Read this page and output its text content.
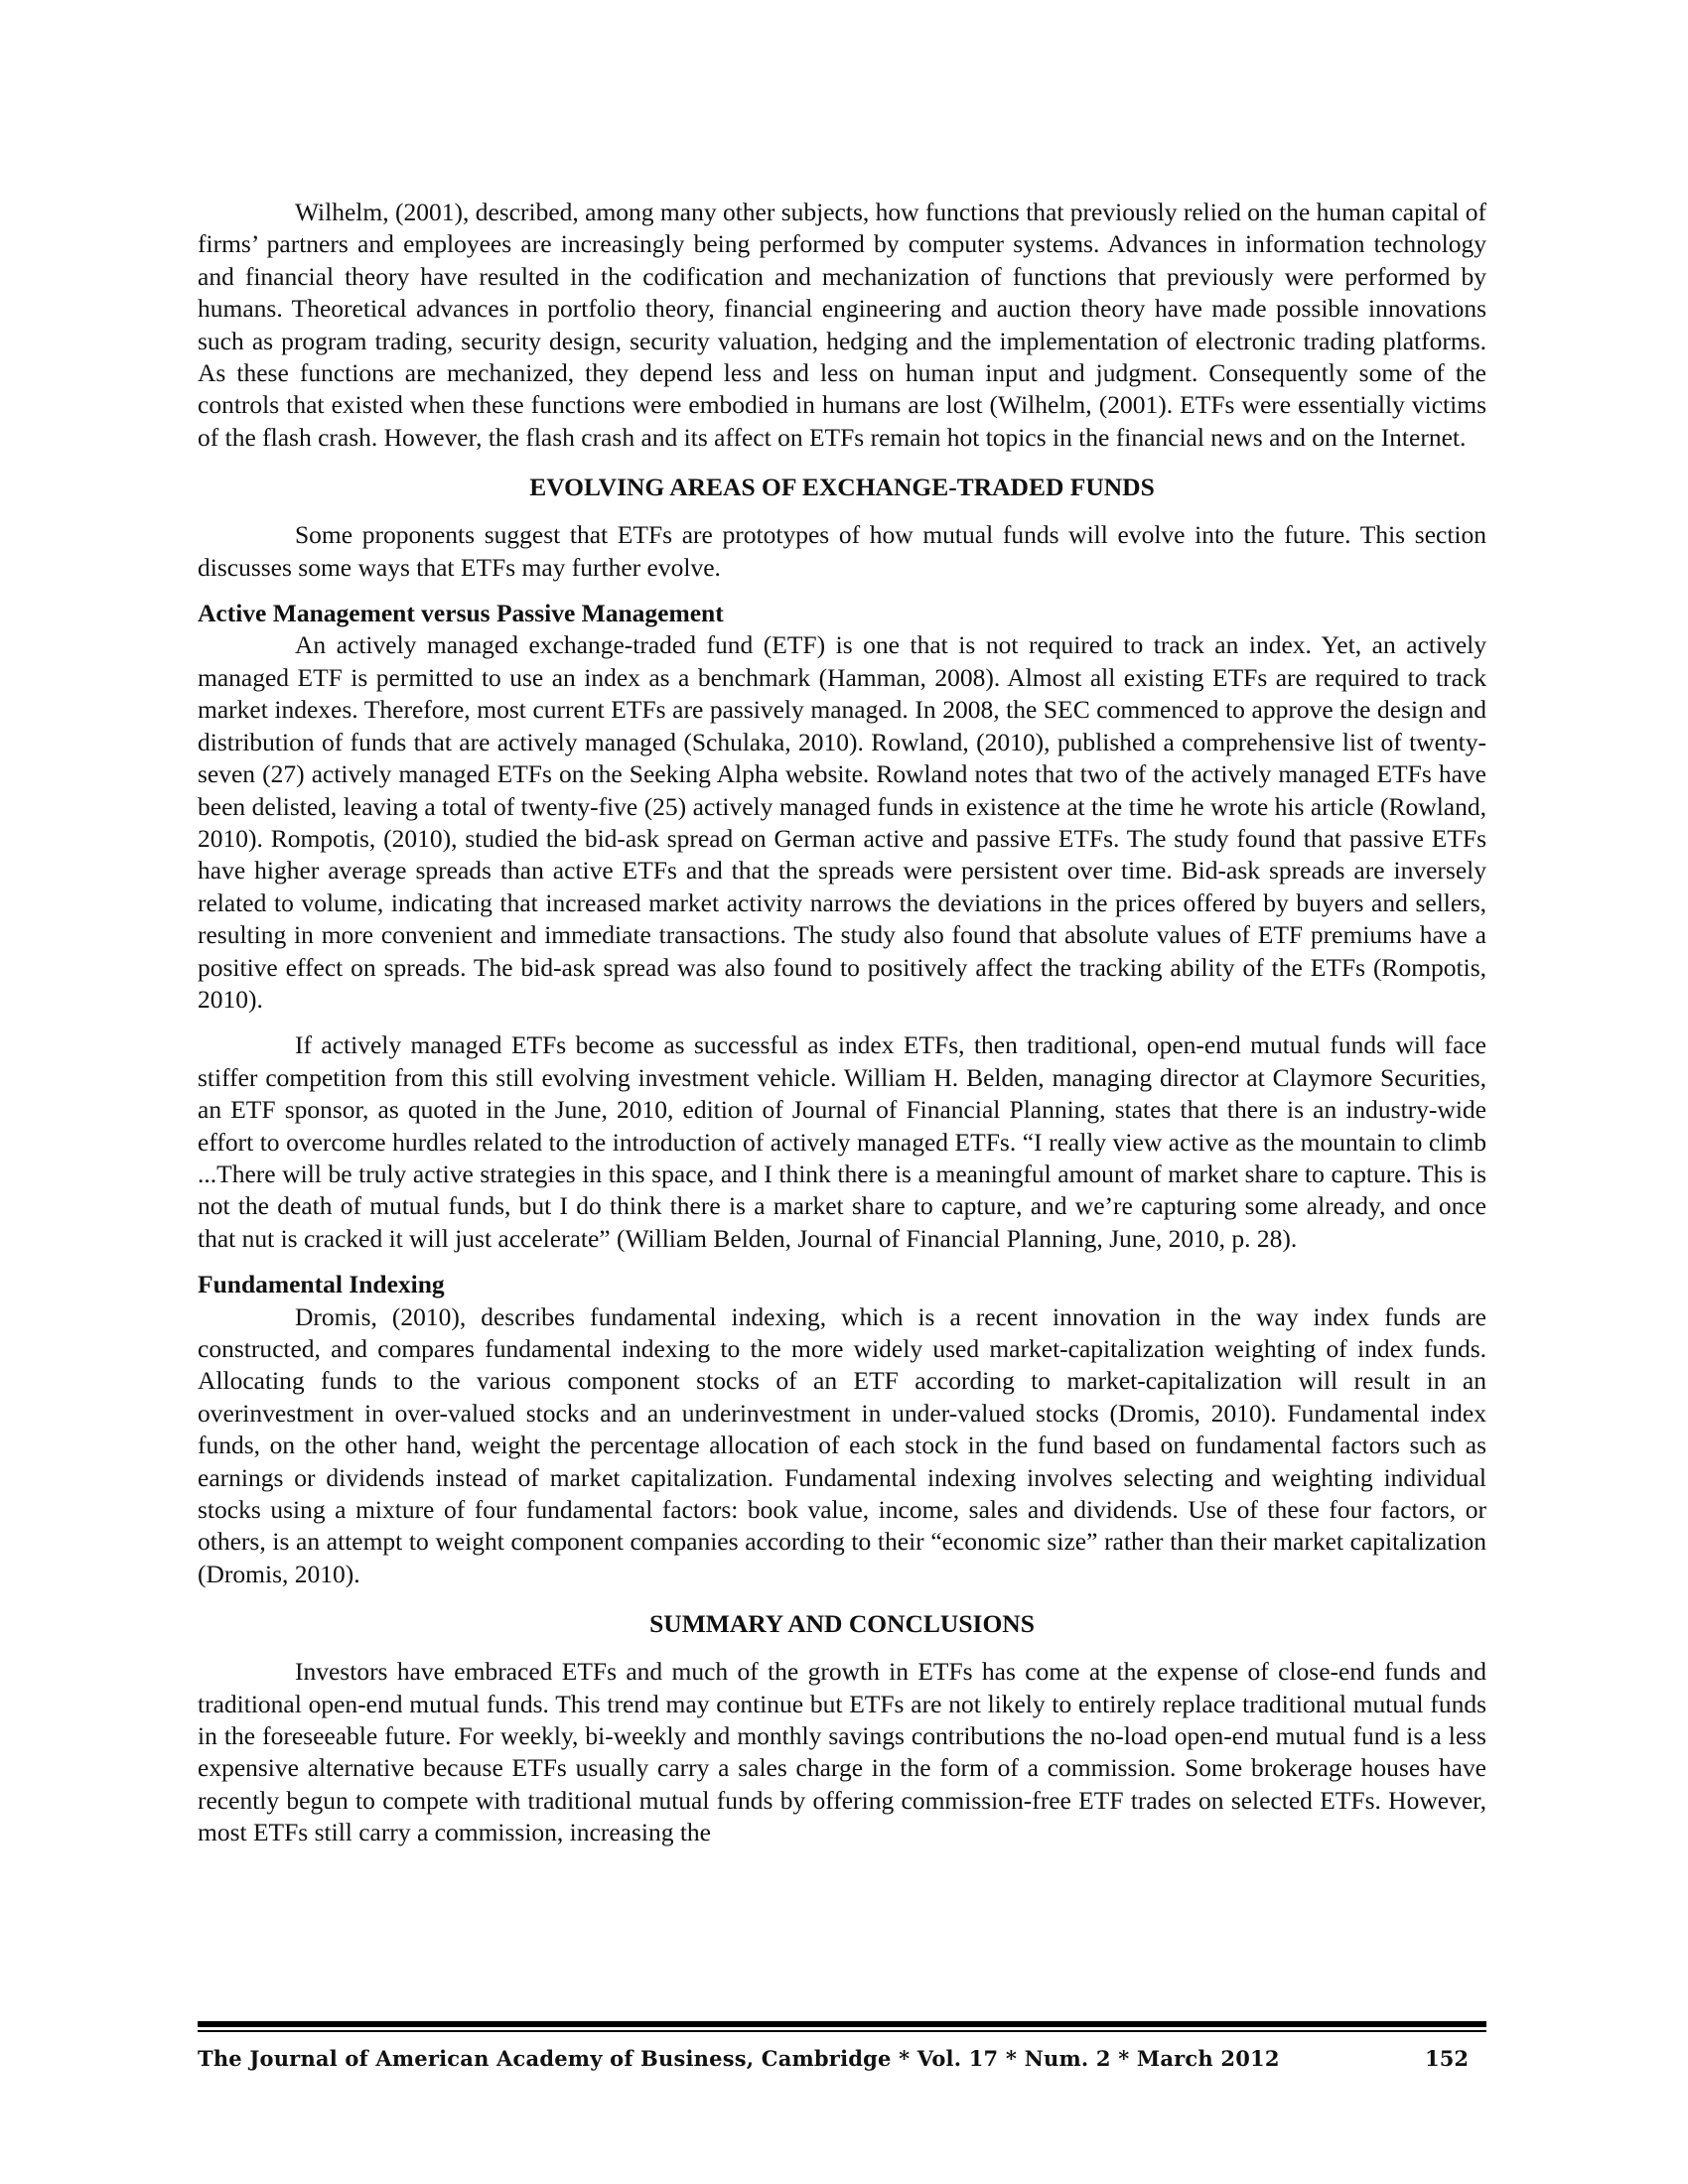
Wilhelm, (2001), described, among many other subjects, how functions that previously relied on the human capital of firms’ partners and employees are increasingly being performed by computer systems. Advances in information technology and financial theory have resulted in the codification and mechanization of functions that previously were performed by humans. Theoretical advances in portfolio theory, financial engineering and auction theory have made possible innovations such as program trading, security design, security valuation, hedging and the implementation of electronic trading platforms. As these functions are mechanized, they depend less and less on human input and judgment. Consequently some of the controls that existed when these functions were embodied in humans are lost (Wilhelm, (2001). ETFs were essentially victims of the flash crash. However, the flash crash and its affect on ETFs remain hot topics in the financial news and on the Internet.

EVOLVING AREAS OF EXCHANGE-TRADED FUNDS

Some proponents suggest that ETFs are prototypes of how mutual funds will evolve into the future. This section discusses some ways that ETFs may further evolve.

Active Management versus Passive Management

An actively managed exchange-traded fund (ETF) is one that is not required to track an index. Yet, an actively managed ETF is permitted to use an index as a benchmark (Hamman, 2008). Almost all existing ETFs are required to track market indexes. Therefore, most current ETFs are passively managed. In 2008, the SEC commenced to approve the design and distribution of funds that are actively managed (Schulaka, 2010). Rowland, (2010), published a comprehensive list of twenty-seven (27) actively managed ETFs on the Seeking Alpha website. Rowland notes that two of the actively managed ETFs have been delisted, leaving a total of twenty-five (25) actively managed funds in existence at the time he wrote his article (Rowland, 2010). Rompotis, (2010), studied the bid-ask spread on German active and passive ETFs. The study found that passive ETFs have higher average spreads than active ETFs and that the spreads were persistent over time. Bid-ask spreads are inversely related to volume, indicating that increased market activity narrows the deviations in the prices offered by buyers and sellers, resulting in more convenient and immediate transactions. The study also found that absolute values of ETF premiums have a positive effect on spreads. The bid-ask spread was also found to positively affect the tracking ability of the ETFs (Rompotis, 2010).

If actively managed ETFs become as successful as index ETFs, then traditional, open-end mutual funds will face stiffer competition from this still evolving investment vehicle. William H. Belden, managing director at Claymore Securities, an ETF sponsor, as quoted in the June, 2010, edition of Journal of Financial Planning, states that there is an industry-wide effort to overcome hurdles related to the introduction of actively managed ETFs. “I really view active as the mountain to climb ...There will be truly active strategies in this space, and I think there is a meaningful amount of market share to capture. This is not the death of mutual funds, but I do think there is a market share to capture, and we’re capturing some already, and once that nut is cracked it will just accelerate” (William Belden, Journal of Financial Planning, June, 2010, p. 28).

Fundamental Indexing

Dromis, (2010), describes fundamental indexing, which is a recent innovation in the way index funds are constructed, and compares fundamental indexing to the more widely used market-capitalization weighting of index funds. Allocating funds to the various component stocks of an ETF according to market-capitalization will result in an overinvestment in over-valued stocks and an underinvestment in under-valued stocks (Dromis, 2010). Fundamental index funds, on the other hand, weight the percentage allocation of each stock in the fund based on fundamental factors such as earnings or dividends instead of market capitalization. Fundamental indexing involves selecting and weighting individual stocks using a mixture of four fundamental factors: book value, income, sales and dividends. Use of these four factors, or others, is an attempt to weight component companies according to their “economic size” rather than their market capitalization (Dromis, 2010).

SUMMARY AND CONCLUSIONS

Investors have embraced ETFs and much of the growth in ETFs has come at the expense of close-end funds and traditional open-end mutual funds. This trend may continue but ETFs are not likely to entirely replace traditional mutual funds in the foreseeable future. For weekly, bi-weekly and monthly savings contributions the no-load open-end mutual fund is a less expensive alternative because ETFs usually carry a sales charge in the form of a commission. Some brokerage houses have recently begun to compete with traditional mutual funds by offering commission-free ETF trades on selected ETFs. However, most ETFs still carry a commission, increasing the

The Journal of American Academy of Business, Cambridge * Vol. 17 * Num. 2 * March 2012	152
